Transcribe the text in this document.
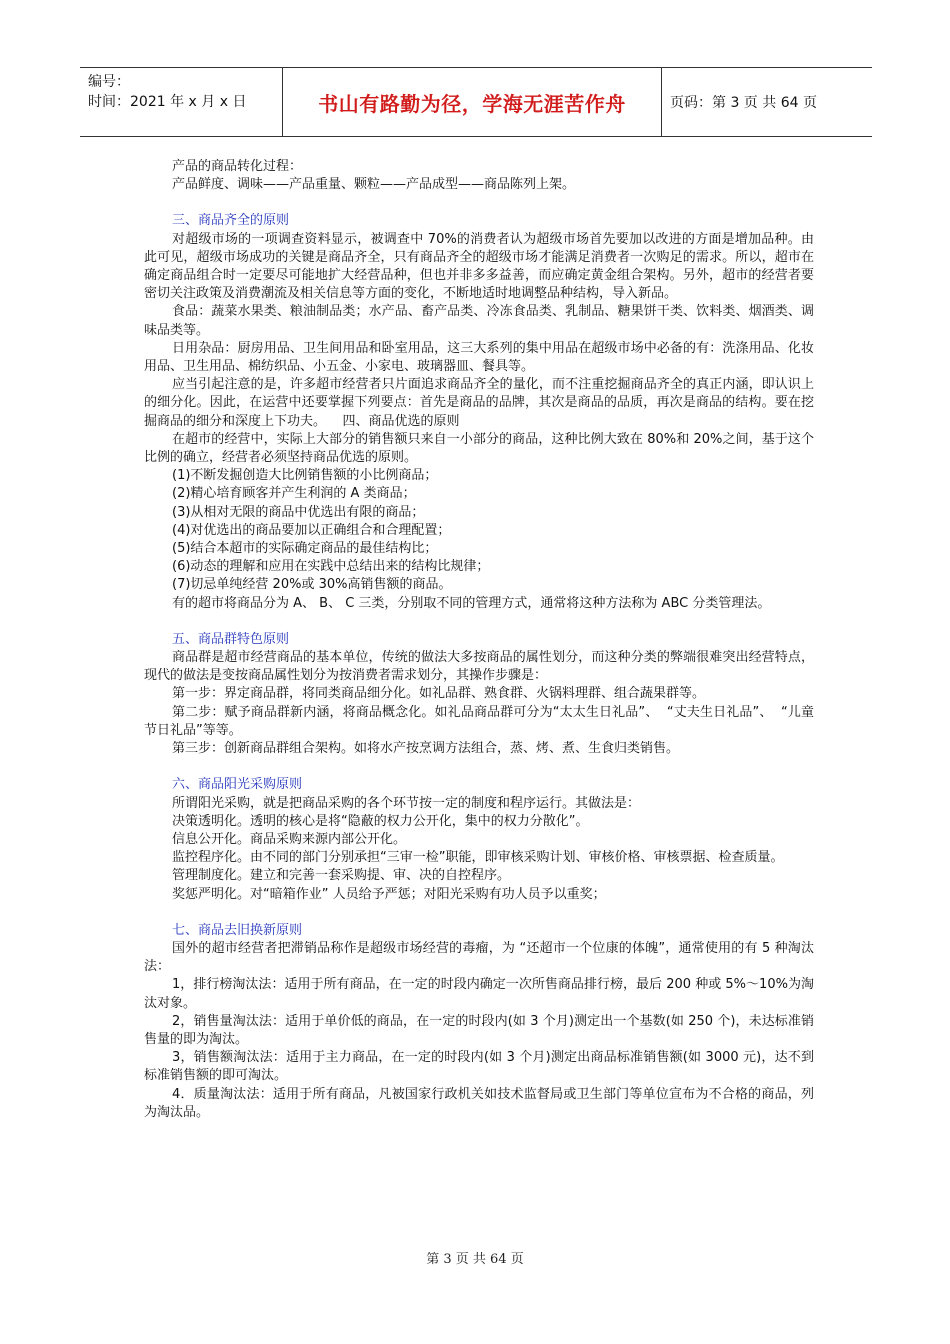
编号：
时间：2021 年 x 月 x 日	书山有路勤为径，学海无涯苦作舟	页码：第 3 页 共 64 页

产品的商品转化过程：

产品鲜度、调味——产品重量、颗粒——产品成型——商品陈列上架。

三、商品齐全的原则

对超级市场的一项调查资料显示，被调查中 70%的消费者认为超级市场首先要加以改进的方面是增加品种。由此可见，超级市场成功的关键是商品齐全，只有商品齐全的超级市场才能满足消费者一次购足的需求。所以，超市在确定商品组合时一定要尽可能地扩大经营品种，但也并非多多益善，而应确定黄金组合架构。另外，超市的经营者要密切关注政策及消费潮流及相关信息等方面的变化，不断地适时地调整品种结构，导入新品。

食品：蔬菜水果类、粮油制品类；水产品、畜产品类、冷冻食品类、乳制品、糖果饼干类、饮料类、烟酒类、调味品类等。

日用杂品：厨房用品、卫生间用品和卧室用品，这三大系列的集中用品在超级市场中必备的有：洗涤用品、化妆用品、卫生用品、棉纺织品、小五金、小家电、玻璃器皿、餐具等。

应当引起注意的是，许多超市经营者只片面追求商品齐全的量化，而不注重挖掘商品齐全的真正内涵，即认识上的细分化。因此，在运营中还要掌握下列要点：首先是商品的品牌，其次是商品的品质，再次是商品的结构。要在挖掘商品的细分和深度上下功夫。    四、商品优选的原则

在超市的经营中，实际上大部分的销售额只来自一小部分的商品，这种比例大致在 80%和 20%之间，基于这个比例的确立，经营者必须坚持商品优选的原则。

(1)不断发掘创造大比例销售额的小比例商品；

(2)精心培育顾客并产生利润的 A 类商品；

(3)从相对无限的商品中优选出有限的商品；

(4)对优选出的商品要加以正确组合和合理配置；

(5)结合本超市的实际确定商品的最佳结构比；

(6)动态的理解和应用在实践中总结出来的结构比规律；

(7)切忌单纯经营 20%或 30%高销售额的商品。

有的超市将商品分为 A、 B、 C 三类，分别取不同的管理方式，通常将这种方法称为 ABC 分类管理法。

五、商品群特色原则

商品群是超市经营商品的基本单位，传统的做法大多按商品的属性划分，而这种分类的弊端很难突出经营特点，现代的做法是变按商品属性划分为按消费者需求划分，其操作步骤是：

第一步：界定商品群，将同类商品细分化。如礼品群、熟食群、火锅料理群、组合蔬果群等。

第二步：赋予商品群新内涵，将商品概念化。如礼品商品群可分为“太太生日礼品”、  “丈夫生日礼品”、  “儿童节日礼品”等等。

第三步：创新商品群组合架构。如将水产按烹调方法组合，蒸、烤、煮、生食归类销售。

六、商品阳光采购原则

所谓阳光采购，就是把商品采购的各个环节按一定的制度和程序运行。其做法是：

决策透明化。透明的核心是将“隐蔽的权力公开化，集中的权力分散化”。

信息公开化。商品采购来源内部公开化。

监控程序化。由不同的部门分别承担“三审一检”职能，即审核采购计划、审核价格、审核票据、检查质量。

管理制度化。建立和完善一套采购提、审、决的自控程序。

奖惩严明化。对“暗箱作业” 人员给予严惩；对阳光采购有功人员予以重奖；

七、商品去旧换新原则

国外的超市经营者把滞销品称作是超级市场经营的毒瘤，为 “还超市一个位康的体魄”，通常使用的有 5 种淘汰法：

1，排行榜淘汰法：适用于所有商品，在一定的时段内确定一次所售商品排行榜，最后 200 种或 5%～10%为淘汰对象。

2，销售量淘汰法：适用于单价低的商品，在一定的时段内(如 3 个月)测定出一个基数(如 250 个)，未达标准销售量的即为淘汰。

3，销售额淘汰法：适用于主力商品，在一定的时段内(如 3 个月)测定出商品标准销售额(如 3000 元)，达不到标准销售额的即可淘汰。

4．质量淘汰法：适用于所有商品，凡被国家行政机关如技术监督局或卫生部门等单位宣布为不合格的商品，列为淘汰品。

第 3 页 共 64 页
